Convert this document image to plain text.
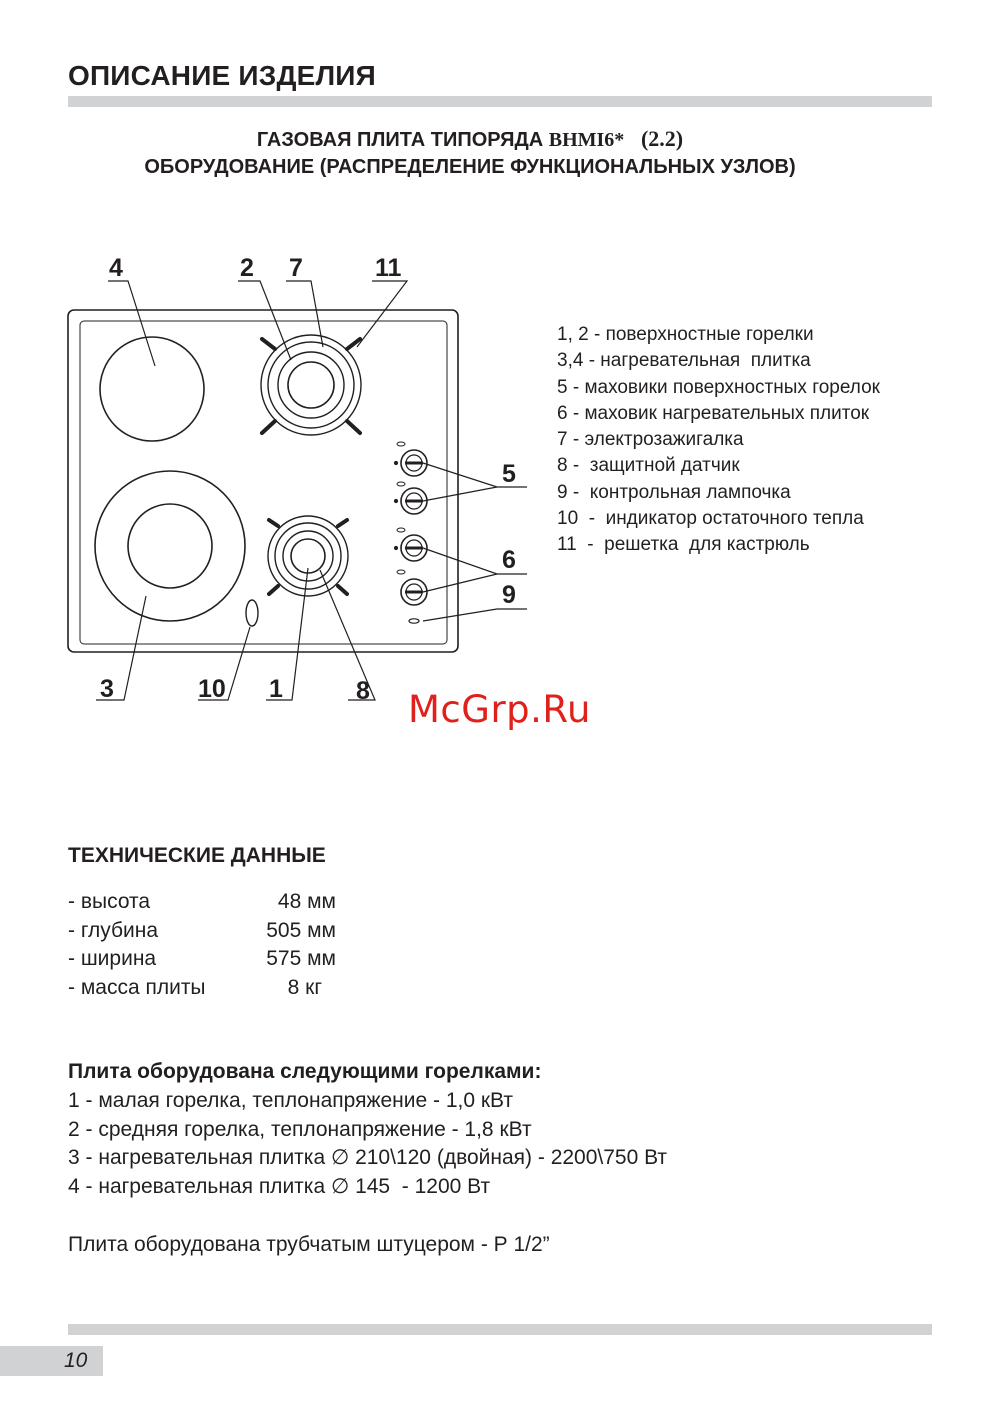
ОПИСАНИЕ ИЗДЕЛИЯ
ГАЗОВАЯ ПЛИТА ТИПОРЯДА BHMI6* (2.2)
ОБОРУДОВАНИЕ (РАСПРЕДЕЛЕНИЕ ФУНКЦИОНАЛЬНЫХ УЗЛОВ)
4	2 7	11
5
6
9
3	10 1	8
1, 2 - поверхностные горелки
3,4 - нагревательная  плитка
5 - маховики поверхностных горелок
6 - маховик нагревательных плиток
7 - электрозажигалка
8 -  защитной датчик
9 -  контрольная лампочка
10  -  индикатор остаточного тепла
11  -  решетка  для кастрюль
McGrp.Ru
ТЕХНИЧЕСКИЕ ДАННЫЕ
- высота	48 мм
- глубина	505 мм
- ширина	575 мм
- масса плиты	8 кг
Плита оборудована следующими горелками:
1 - малая горелка, теплонапряжение - 1,0 кВт
2 - средняя горелка, теплонапряжение - 1,8 кВт
3 - нагревательная плитка ∅ 210\120 (двойная) - 2200\750 Вт
4 - нагревательная плитка ∅ 145  - 1200 Вт
Плита оборудована трубчатым штуцером - Р 1/2”
10
